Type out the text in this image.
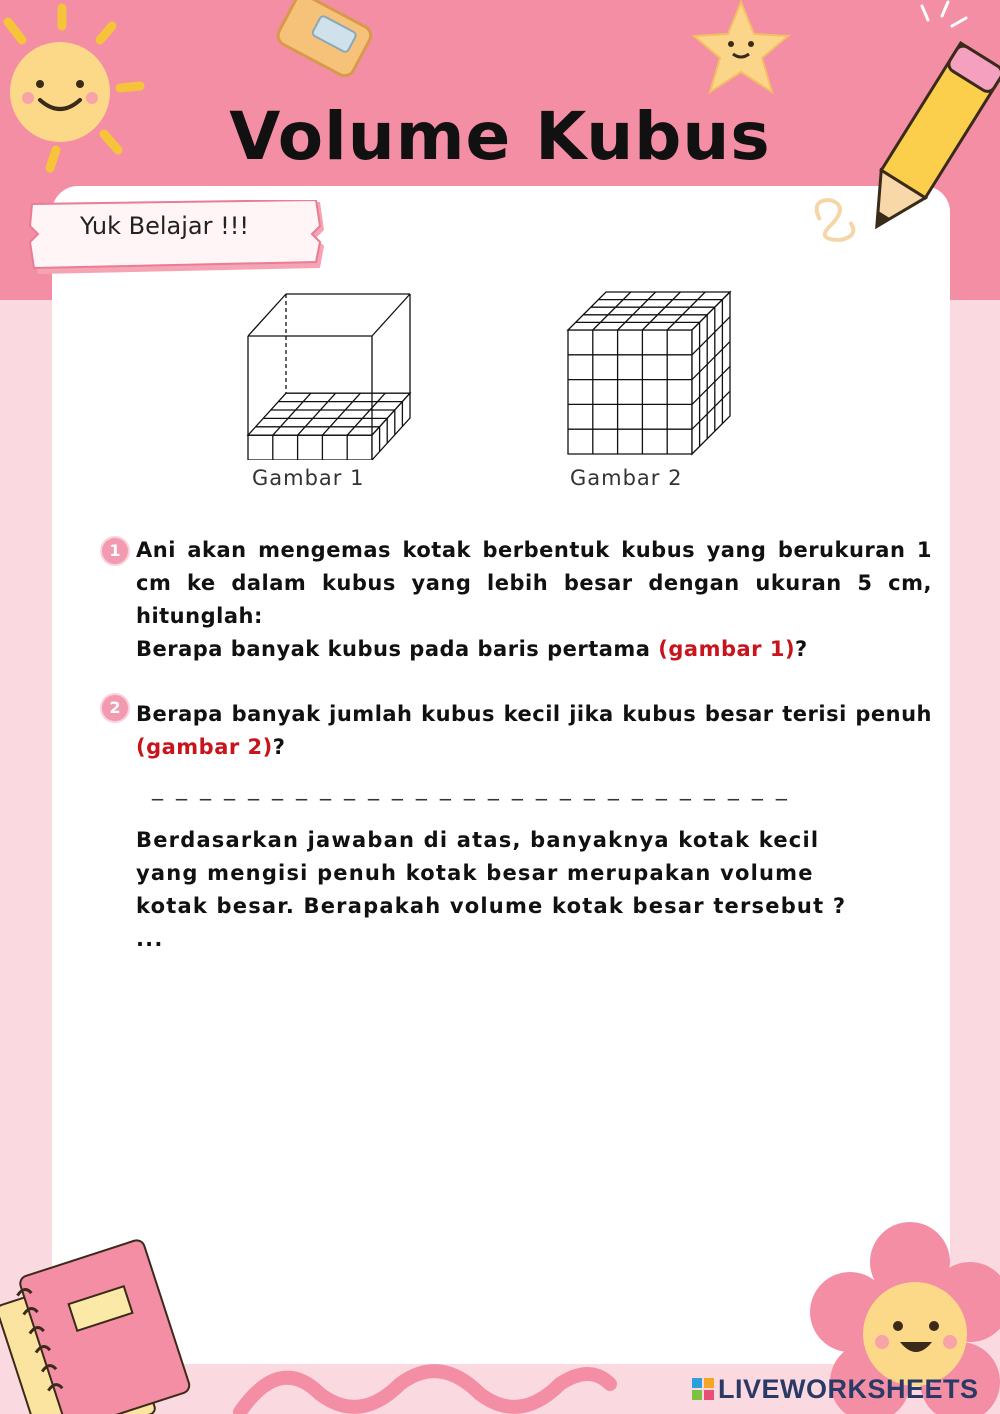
Volume Kubus
Yuk Belajar !!!
Gambar 1	Gambar 2
1 Ani akan mengemas kotak berbentuk kubus yang berukuran 1 cm ke dalam kubus yang lebih besar dengan ukuran 5 cm, hitunglah:
Berapa banyak kubus pada baris pertama (gambar 1)?
2 Berapa banyak jumlah kubus kecil jika kubus besar terisi penuh (gambar 2)?
_ _ _ _ _ _ _ _ _ _ _ _ _ _ _ _ _ _ _ _ _ _ _ _ _ _ _
Berdasarkan jawaban di atas, banyaknya kotak kecil yang mengisi penuh kotak besar merupakan volume kotak besar. Berapakah volume kotak besar tersebut ? ...
LIVEWORKSHEETS
